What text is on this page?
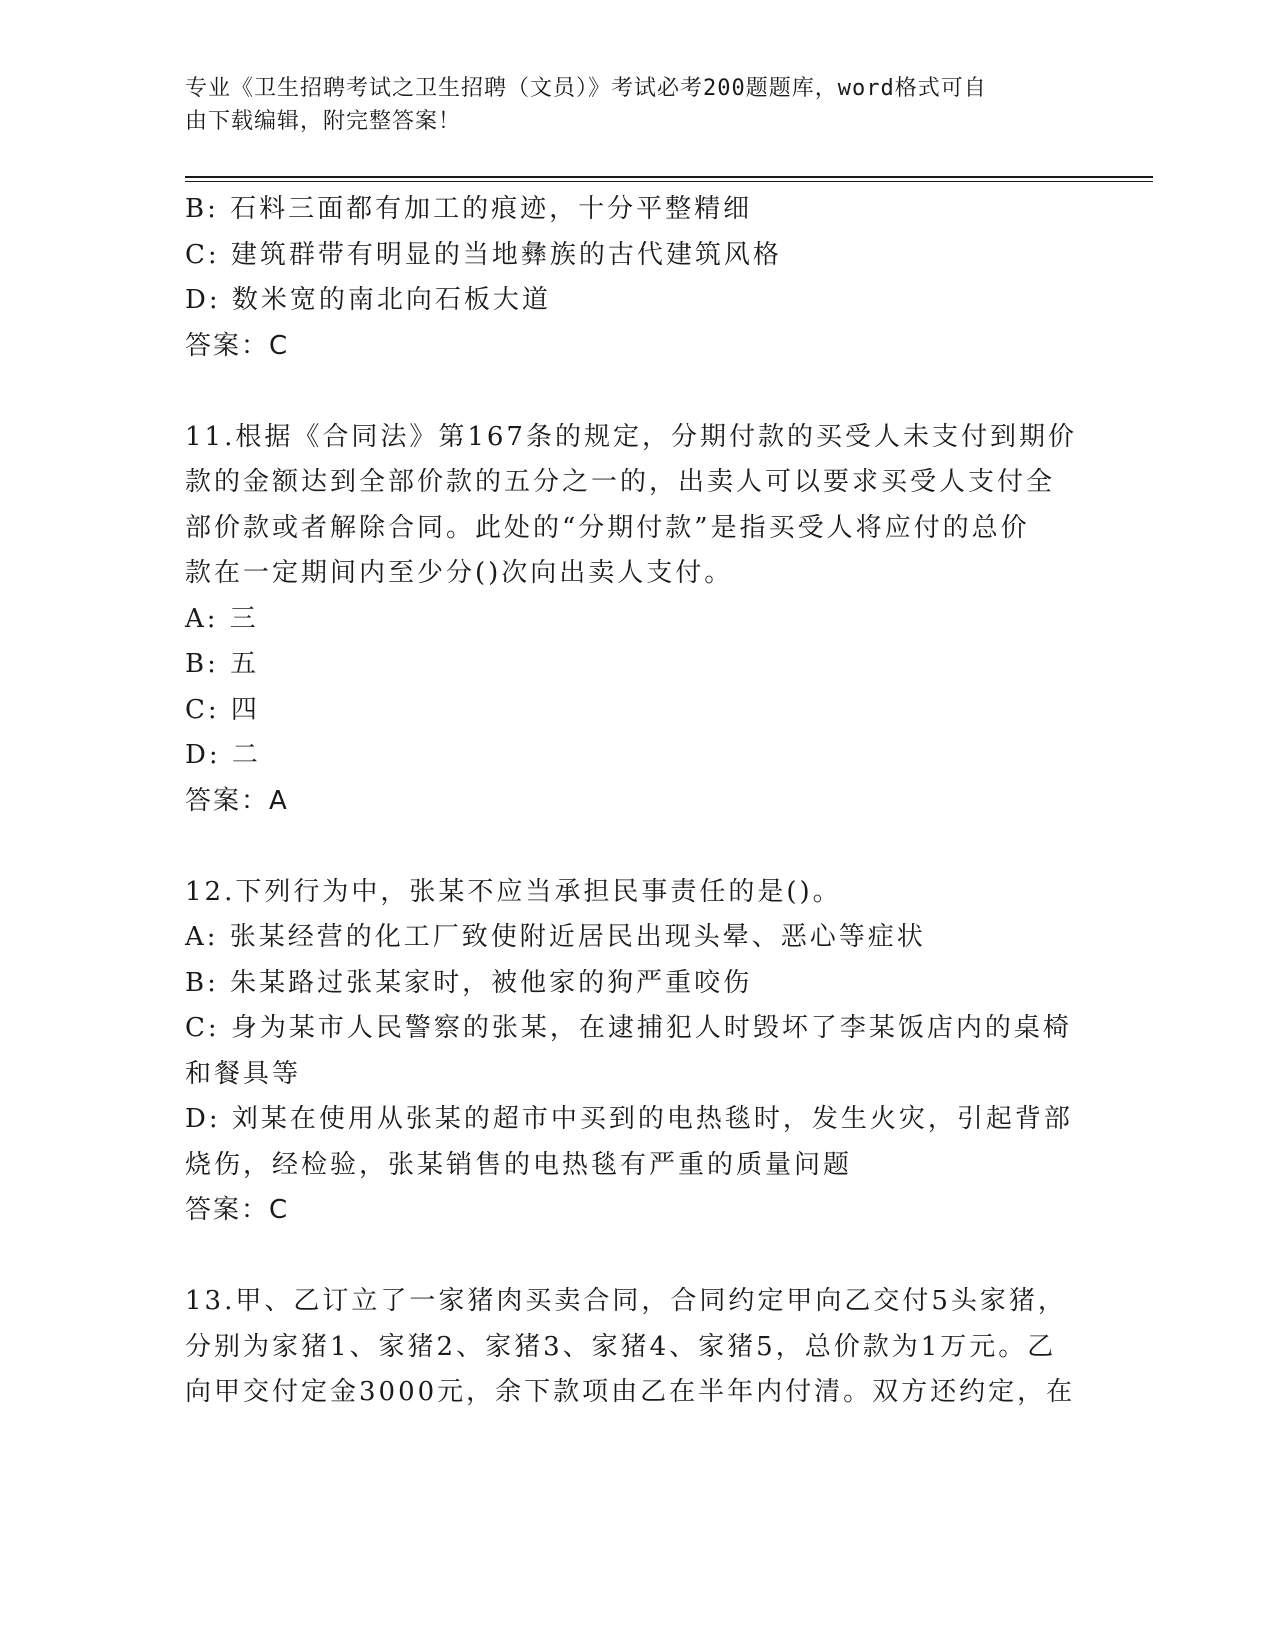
专业《卫生招聘考试之卫生招聘（文员）》考试必考200题题库，word格式可自
由下载编辑，附完整答案！
B: 石料三面都有加工的痕迹，十分平整精细
C: 建筑群带有明显的当地彝族的古代建筑风格
D: 数米宽的南北向石板大道
答案：C
11.根据《合同法》第167条的规定，分期付款的买受人未支付到期价
款的金额达到全部价款的五分之一的，出卖人可以要求买受人支付全
部价款或者解除合同。此处的“分期付款”是指买受人将应付的总价
款在一定期间内至少分()次向出卖人支付。
A: 三
B: 五
C: 四
D: 二
答案：A
12.下列行为中，张某不应当承担民事责任的是()。
A: 张某经营的化工厂致使附近居民出现头晕、恶心等症状
B: 朱某路过张某家时，被他家的狗严重咬伤
C: 身为某市人民警察的张某，在逮捕犯人时毁坏了李某饭店内的桌椅
和餐具等
D: 刘某在使用从张某的超市中买到的电热毯时，发生火灾，引起背部
烧伤，经检验，张某销售的电热毯有严重的质量问题
答案：C
13.甲、乙订立了一家猪肉买卖合同，合同约定甲向乙交付5头家猪，
分别为家猪1、家猪2、家猪3、家猪4、家猪5，总价款为1万元。乙
向甲交付定金3000元，余下款项由乙在半年内付清。双方还约定，在
